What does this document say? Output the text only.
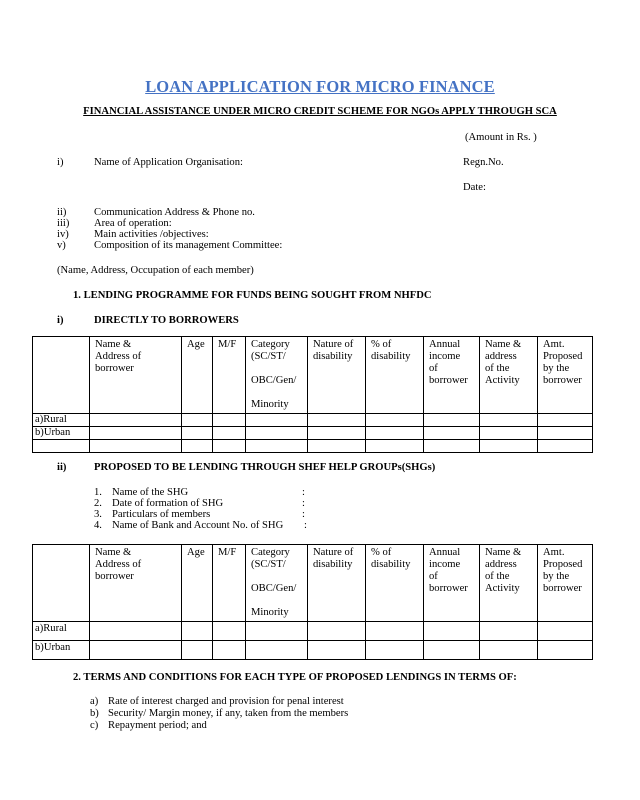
LOAN APPLICATION FOR MICRO FINANCE
FINANCIAL ASSISTANCE UNDER MICRO CREDIT SCHEME FOR NGOs APPLY THROUGH SCA
(Amount in Rs. )
i)	Name of Application Organisation:	Regn.No.
Date:
ii)	Communication Address & Phone no.
iii) Area of operation:
iv) Main activities /objectives:
v)	Composition of its management Committee:
(Name, Address, Occupation of each member)
1. LENDING PROGRAMME FOR FUNDS BEING SOUGHT FROM NHFDC
i)	DIRECTLY TO BORROWERS
	Name &
Address of
borrower	Age	M/F	Category
(SC/ST/

OBC/Gen/

Minority	Nature of
disability	% of
disability	Annual
income
of
borrower	Name &
address
of the
Activity	Amt.
Proposed
by the
borrower
a)Rural									
b)Urban									

ii)	PROPOSED TO BE LENDING THROUGH SHEF HELP GROUPs(SHGs)
1. Name of the SHG	:
2. Date of formation of SHG	:
3. Particulars of members	:
4. Name of Bank and Account No. of SHG :
	Name &
Address of
borrower	Age	M/F	Category
(SC/ST/

OBC/Gen/

Minority	Nature of
disability	% of
disability	Annual
income
of
borrower	Name &
address
of the
Activity	Amt.
Proposed
by the
borrower
a)Rural									
b)Urban									
2. TERMS AND CONDITIONS FOR EACH TYPE OF PROPOSED LENDINGS IN TERMS OF:
a) Rate of interest charged and provision for penal interest
b) Security/ Margin money, if any, taken from the members
c) Repayment period; and
